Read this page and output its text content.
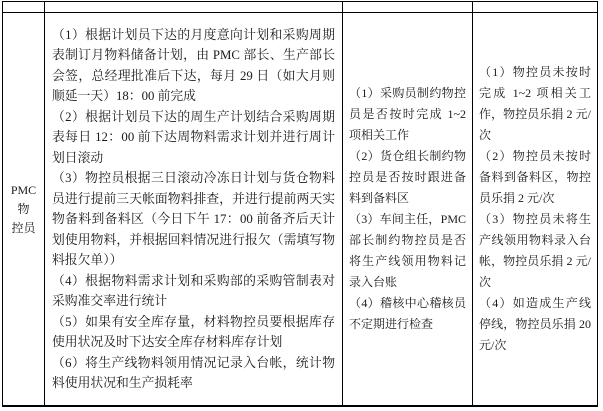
PMC 物
控员

（1）根据计划员下达的月度意向计划和采购周期表制订月物料储备计划，由 PMC 部长、生产部长会签，总经理批准后下达，每月 29 日（如大月则顺延一天）18：00 前完成

（2）根据计划员下达的周生产计划结合采购周期表每日 12：00 前下达周物料需求计划并进行周计划日滚动

（3）物控员根据三日滚动冷冻日计划与货仓物料员进行提前三天帐面物料排查，并进行提前两天实物备料到备料区（今日下午 17：00 前备齐后天计划使用物料，并根据回料情况进行报欠（需填写物料报欠单））

（4）根据物料需求计划和采购部的采购管制表对采购准交率进行统计

（5）如果有安全库存量，材料物控员要根据库存使用状况及时下达安全库存材料库存计划

（6）将生产线物料领用情况记录入台帐，统计物料使用状况和生产损耗率

（1）采购员制约物控员是否按时完成 1~2 项相关工作

（2）货仓组长制约物控员是否按时跟进备料到备料区

（3）车间主任，PMC 部长制约物控员是否将生产线领用物料记录入台账

（4）稽核中心稽核员不定期进行检查

（1）物控员未按时完成 1~2 项相关工作，物控员乐捐 2 元/次

（2）物控员未按时备料到备料区，物控员乐捐 2 元/次

（3）物控员未将生产线领用物料录入台帐，物控员乐捐 2 元/次

（4）如造成生产线停线，物控员乐捐 20 元/次
